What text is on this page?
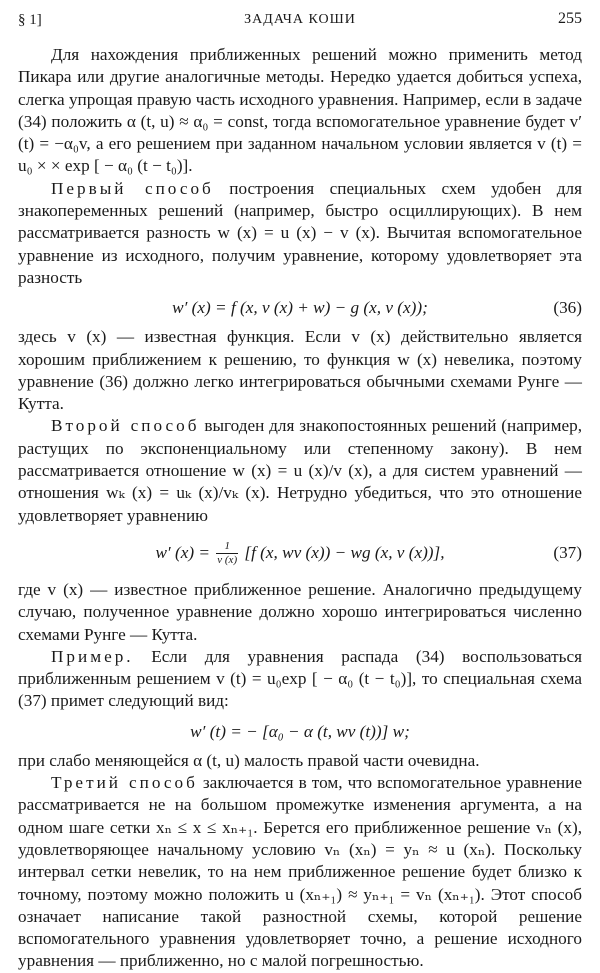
§ 1]	ЗАДАЧА КОШИ	255

Для нахождения приближенных решений можно применить метод Пикара или другие аналогичные методы. Нередко удается добиться успеха, слегка упрощая правую часть исходного уравнения. Например, если в задаче (34) положить α (t, u) ≈ α₀ = const, тогда вспомогательное уравнение будет v′ (t) = −α₀v, а его решением при заданном начальном условии является v (t) = u₀ × × exp [ − α₀ (t − t₀)].

Первый способ построения специальных схем удобен для знакопеременных решений (например, быстро осциллирующих). В нем рассматривается разность w (x) = u (x) − v (x). Вычитая вспомогательное уравнение из исходного, получим уравнение, которому удовлетворяет эта разность

w′ (x) = f (x, v (x) + w) − g (x, v (x));	(36)

здесь v (x) — известная функция. Если v (x) действительно является хорошим приближением к решению, то функция w (x) невелика, поэтому уравнение (36) должно легко интегрироваться обычными схемами Рунге — Кутта.

Второй способ выгоден для знакопостоянных решений (например, растущих по экспоненциальному или степенному закону). В нем рассматривается отношение w (x) = u (x)/v (x), а для систем уравнений — отношения wₖ (x) = uₖ (x)/vₖ (x). Нетрудно убедиться, что это отношение удовлетворяет уравнению

w′ $(x) = \frac{1}{v (x)} [f$ (x, wv (x)) − wg (x, v (x))],	(37)

где v (x) — известное приближенное решение. Аналогично предыдущему случаю, полученное уравнение должно хорошо интегрироваться численно схемами Рунге — Кутта.

Пример. Если для уравнения распада (34) воспользоваться приближенным решением v (t) = u₀exp [ − α₀ (t − t₀)], то специальная схема (37) примет следующий вид:

w′ (t) = − [α₀ − α (t, wv (t))] w;

при слабо меняющейся α (t, u) малость правой части очевидна.

Третий способ заключается в том, что вспомогательное уравнение рассматривается не на большом промежутке изменения аргумента, а на одном шаге сетки xₙ ≤ x ≤ xₙ₊₁. Берется его приближенное решение vₙ (x), удовлетворяющее начальному условию vₙ (xₙ) = yₙ ≈ u (xₙ). Поскольку интервал сетки невелик, то на нем приближенное решение будет близко к точному, поэтому можно положить u (xₙ₊₁) ≈ yₙ₊₁ = vₙ (xₙ₊₁). Этот способ означает написание такой разностной схемы, которой решение вспомогательного уравнения удовлетворяет точно, а решение исходного уравнения — приближенно, но с малой погрешностью.
